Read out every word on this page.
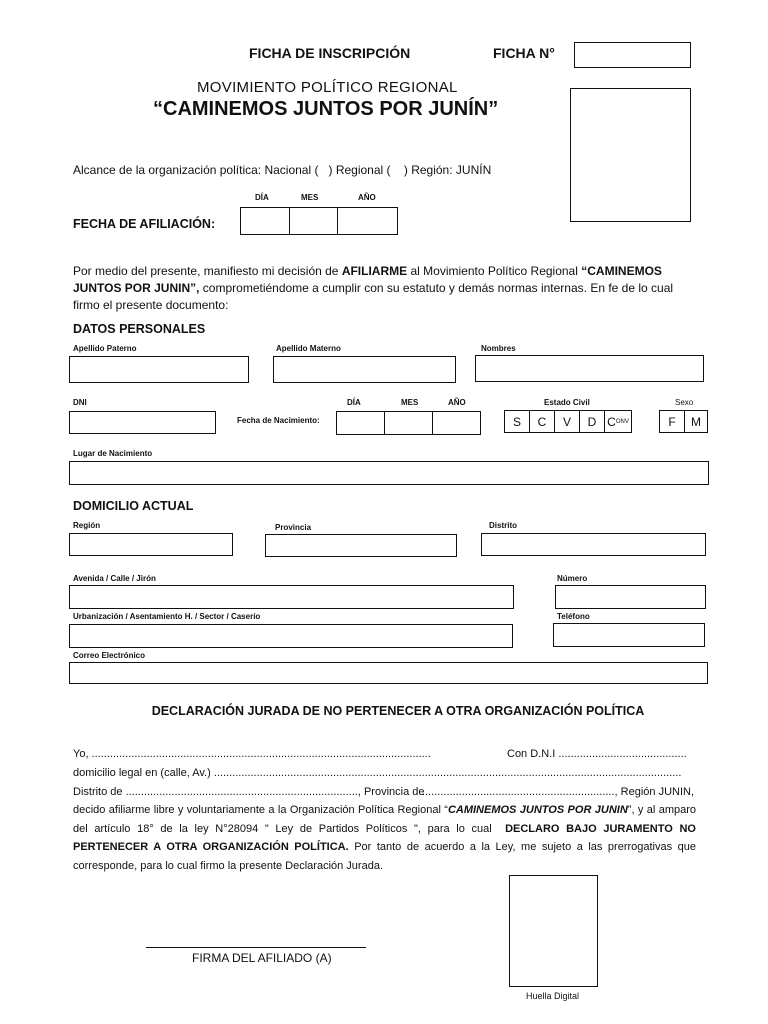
FICHA DE INSCRIPCIÓN	FICHA N°
MOVIMIENTO POLÍTICO REGIONAL
“CAMINEMOS JUNTOS POR JUNÍN”
Alcance de la organización política: Nacional ( ) Regional ( ) Región: JUNÍN
DÍA	MES	AÑO
FECHA DE AFILIACIÓN:
Por medio del presente, manifiesto mi decisión de AFILIARME al Movimiento Político Regional “CAMINEMOS JUNTOS POR JUNIN”, comprometiéndome a cumplir con su estatuto y demás normas internas. En fe de lo cual firmo el presente documento:
DATOS PERSONALES
Apellido Paterno	Apellido Materno	Nombres
DNI
Fecha de Nacimiento:
DÍA	MES	AÑO	Estado Civil
S	C	V	D C ONV
Sexo
F	M
Lugar de Nacimiento
DOMICILIO ACTUAL
Región	Provincia	Distrito
Avenida / Calle / Jirón	Número
Urbanización / Asentamiento H. / Sector / Caserío	Teléfono
Correo Electrónico
DECLARACIÓN JURADA DE NO PERTENECER A OTRA ORGANIZACIÓN POLÍTICA
Yo, ...............................................................................................................	Con D.N.I ..........................................
domicilio legal en (calle, Av.) .........................................................................................................................................................
Distrito de ............................................................................, Provincia de
..............................................................., Región JUNIN,
decido afiliarme libre y voluntariamente a la Organización Política Regional “CAMINEMOS JUNTOS POR JUNIN”, y al amparo del artículo 18° de la ley N°28094 " Ley de Partidos Políticos ", para lo cual DECLARO BAJO JURAMENTO NO PERTENECER A OTRA ORGANIZACIÓN POLÍTICA. Por tanto de acuerdo a la Ley, me sujeto a las prerrogativas que corresponde, para lo cual firmo la presente Declaración Jurada.
FIRMA DEL AFILIADO (A)
Huella Digital
